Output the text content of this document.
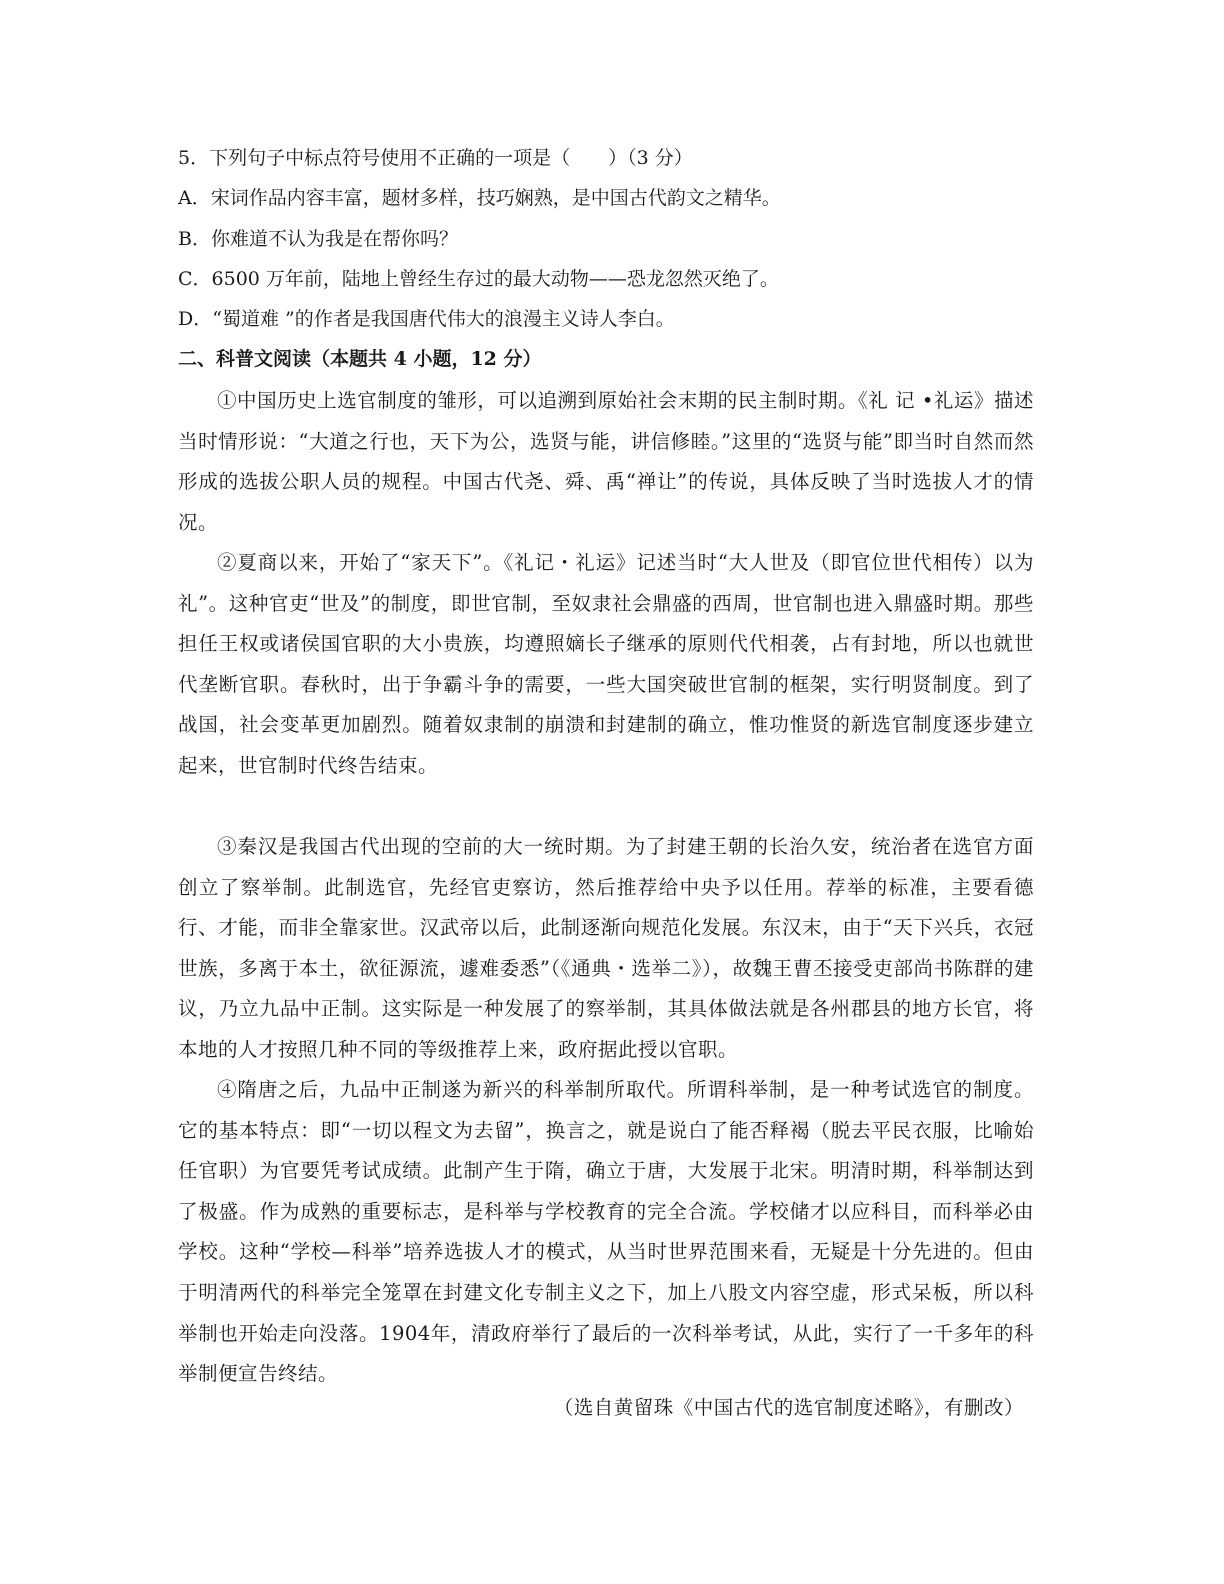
5．下列句子中标点符号使用不正确的一项是（　　）（3 分）
A．宋词作品内容丰富，题材多样，技巧娴熟，是中国古代韵文之精华。
B．你难道不认为我是在帮你吗？
C．6500 万年前，陆地上曾经生存过的最大动物——恐龙忽然灭绝了。
D．“蜀道难 ”的作者是我国唐代伟大的浪漫主义诗人李白。
二、科普文阅读（本题共 4 小题，12 分）
①中国历史上选官制度的雏形，可以追溯到原始社会末期的民主制时期。《礼 记 •礼运》描述当时情形说：“大道之行也，天下为公，选贤与能，讲信修睦。”这里的“选贤与能”即当时自然而然形成的选拔公职人员的规程。中国古代尧、舜、禹“禅让”的传说，具体反映了当时选拔人才的情况。
②夏商以来，开始了“家天下”。《礼记・礼运》记述当时“大人世及（即官位世代相传）以为礼”。这种官吏“世及”的制度，即世官制，至奴隶社会鼎盛的西周，世官制也进入鼎盛时期。那些担任王权或诸侯国官职的大小贵族，均遵照嫡长子继承的原则代代相袭，占有封地，所以也就世代垄断官职。春秋时，出于争霸斗争的需要，一些大国突破世官制的框架，实行明贤制度。到了战国，社会变革更加剧烈。随着奴隶制的崩溃和封建制的确立，惟功惟贤的新选官制度逐步建立起来，世官制时代终告结束。
③秦汉是我国古代出现的空前的大一统时期。为了封建王朝的长治久安，统治者在选官方面创立了察举制。此制选官，先经官吏察访，然后推荐给中央予以任用。荐举的标准，主要看德行、才能，而非全靠家世。汉武帝以后，此制逐渐向规范化发展。东汉末，由于“天下兴兵，衣冠世族，多离于本土，欲征源流，遽难委悉”（《通典・选举二》），故魏王曹丕接受吏部尚书陈群的建议，乃立九品中正制。这实际是一种发展了的察举制，其具体做法就是各州郡县的地方长官，将本地的人才按照几种不同的等级推荐上来，政府据此授以官职。
④隋唐之后，九品中正制遂为新兴的科举制所取代。所谓科举制，是一种考试选官的制度。它的基本特点：即“一切以程文为去留”，换言之，就是说白了能否释褐（脱去平民衣服，比喻始任官职）为官要凭考试成绩。此制产生于隋，确立于唐，大发展于北宋。明清时期，科举制达到了极盛。作为成熟的重要标志，是科举与学校教育的完全合流。学校储才以应科目，而科举必由学校。这种“学校—科举”培养选拔人才的模式，从当时世界范围来看，无疑是十分先进的。但由于明清两代的科举完全笼罩在封建文化专制主义之下，加上八股文内容空虚，形式呆板，所以科举制也开始走向没落。1904年，清政府举行了最后的一次科举考试，从此，实行了一千多年的科举制便宣告终结。
（选自黄留珠《中国古代的选官制度述略》，有删改）
